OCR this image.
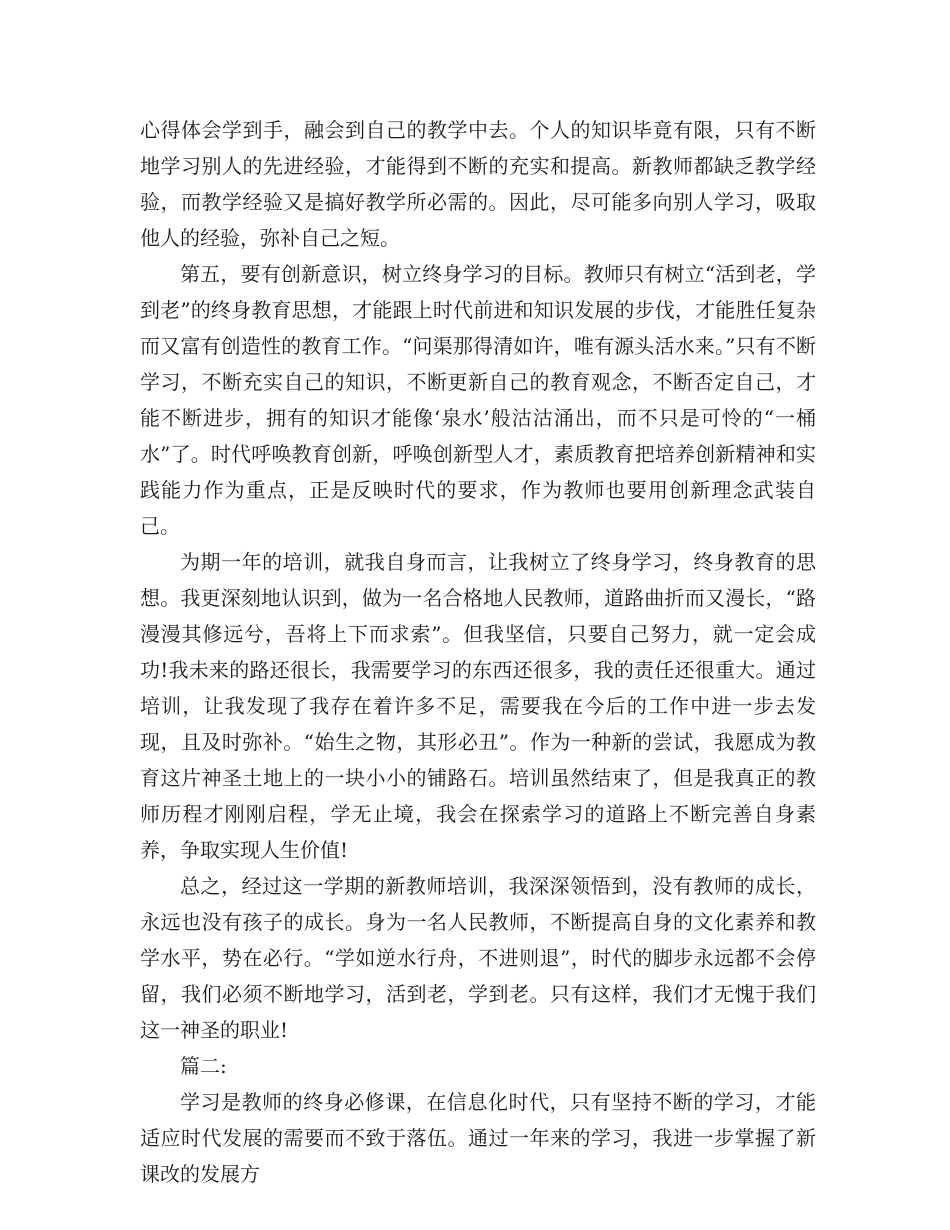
心得体会学到手，融会到自己的教学中去。个人的知识毕竟有限，只有不断地学习别人的先进经验，才能得到不断的充实和提高。新教师都缺乏教学经验，而教学经验又是搞好教学所必需的。因此，尽可能多向别人学习，吸取他人的经验，弥补自己之短。

第五，要有创新意识，树立终身学习的目标。教师只有树立“活到老，学到老”的终身教育思想，才能跟上时代前进和知识发展的步伐，才能胜任复杂而又富有创造性的教育工作。“问渠那得清如许，唯有源头活水来。”只有不断学习，不断充实自己的知识，不断更新自己的教育观念，不断否定自己，才能不断进步，拥有的知识才能像‘泉水’般沽沽涌出，而不只是可怜的“一桶水”了。时代呼唤教育创新，呼唤创新型人才，素质教育把培养创新精神和实践能力作为重点，正是反映时代的要求，作为教师也要用创新理念武装自己。

为期一年的培训，就我自身而言，让我树立了终身学习，终身教育的思想。我更深刻地认识到，做为一名合格地人民教师，道路曲折而又漫长，“路漫漫其修远兮，吾将上下而求索”。但我坚信，只要自己努力，就一定会成功!我未来的路还很长，我需要学习的东西还很多，我的责任还很重大。通过培训，让我发现了我存在着许多不足，需要我在今后的工作中进一步去发现，且及时弥补。“始生之物，其形必丑”。作为一种新的尝试，我愿成为教育这片神圣土地上的一块小小的铺路石。培训虽然结束了，但是我真正的教师历程才刚刚启程，学无止境，我会在探索学习的道路上不断完善自身素养，争取实现人生价值!

总之，经过这一学期的新教师培训，我深深领悟到，没有教师的成长，永远也没有孩子的成长。身为一名人民教师，不断提高自身的文化素养和教学水平，势在必行。“学如逆水行舟，不进则退”，时代的脚步永远都不会停留，我们必须不断地学习，活到老，学到老。只有这样，我们才无愧于我们这一神圣的职业!

篇二:

学习是教师的终身必修课，在信息化时代，只有坚持不断的学习，才能适应时代发展的需要而不致于落伍。通过一年来的学习，我进一步掌握了新课改的发展方
